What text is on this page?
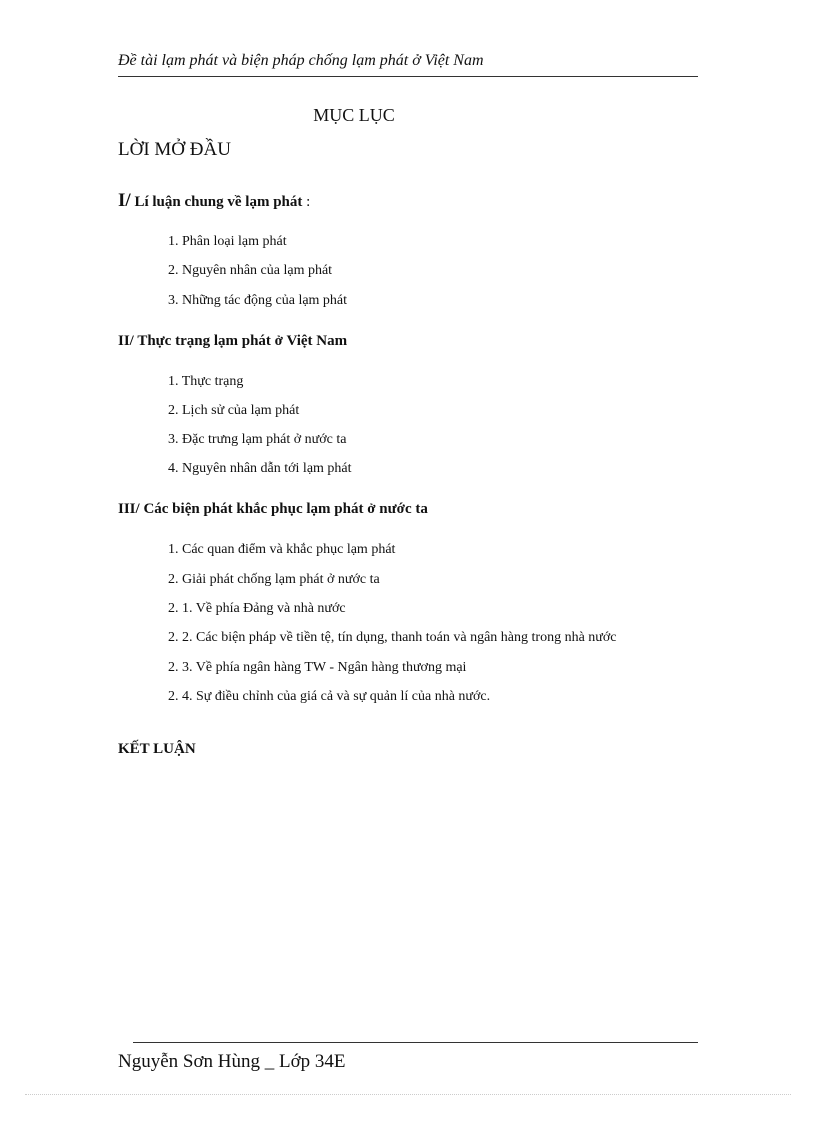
Đề tài lạm phát và biện pháp chống lạm phát ở Việt Nam
MỤC LỤC
LỜI MỞ ĐẦU
I/ Lí luận chung về lạm phát :
1. Phân loại lạm phát
2. Nguyên nhân của lạm phát
3. Những tác động của lạm phát
II/ Thực trạng lạm phát ở Việt Nam
1. Thực trạng
2. Lịch sử của lạm phát
3. Đặc trưng lạm phát ở nước ta
4. Nguyên nhân dẫn tới lạm phát
III/ Các biện phát khắc phục lạm phát ở nước ta
1. Các quan điểm và khắc phục lạm phát
2. Giải phát chống lạm phát ở nước ta
2. 1. Về phía Đảng và nhà nước
2. 2. Các biện pháp về tiền tệ, tín dụng, thanh toán và ngân hàng trong nhà nước
2. 3. Về phía ngân hàng TW - Ngân hàng thương mại
2. 4. Sự điều chỉnh của giá cả và sự quản lí của nhà nước.
KẾT LUẬN
Nguyễn Sơn Hùng _ Lớp 34E
